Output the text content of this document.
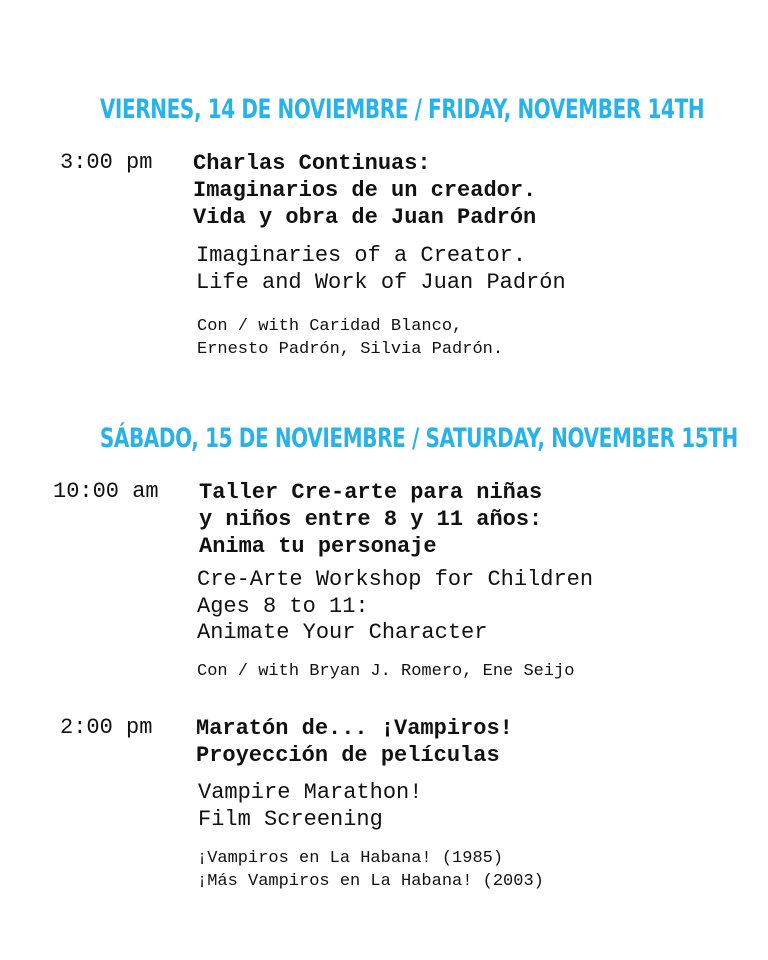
VIERNES, 14 DE NOVIEMBRE / FRIDAY, NOVEMBER 14TH
3:00 pm Charlas Continuas:
Imaginarios de un creador.
Vida y obra de Juan Padrón
Imaginaries of a Creator.
Life and Work of Juan Padrón
Con / with Caridad Blanco,
Ernesto Padrón, Silvia Padrón.
SÁBADO, 15 DE NOVIEMBRE / SATURDAY, NOVEMBER 15TH
10:00 am Taller Cre-arte para niñas
y niños entre 8 y 11 años:
Anima tu personaje
Cre-Arte Workshop for Children
Ages 8 to 11:
Animate Your Character
Con / with Bryan J. Romero, Ene Seijo
2:00 pm Maratón de... ¡Vampiros!
Proyección de películas
Vampire Marathon!
Film Screening
¡Vampiros en La Habana! (1985)
¡Más Vampiros en La Habana! (2003)
